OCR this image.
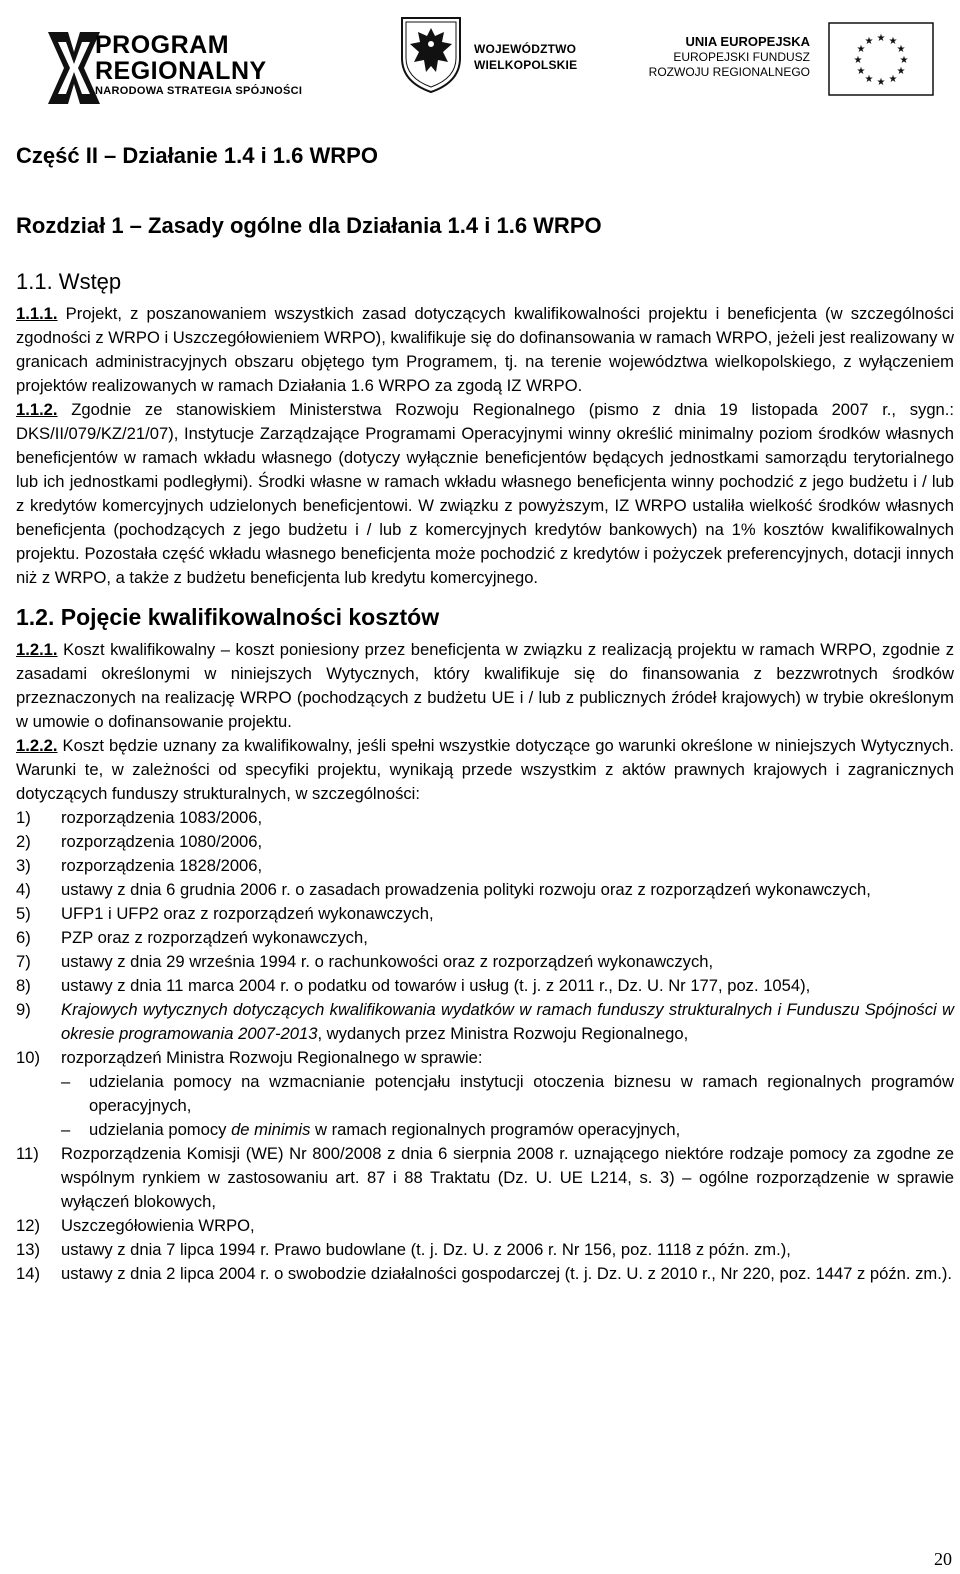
PROGRAM
REGIONALNY
NARODOWA STRATEGIA SPÓJNOŚCI
WOJEWÓDZTWO
WIELKOPOLSKIE
UNIA EUROPEJSKA
EUROPEJSKI FUNDUSZ
ROZWOJU REGIONALNEGO
★ ★
★
★
★
★
★
★
★
★
★
★
Część II – Działanie 1.4 i 1.6 WRPO
Rozdział 1 – Zasady ogólne dla Działania 1.4 i 1.6 WRPO
1.1. Wstęp

1.1.1. Projekt, z poszanowaniem wszystkich zasad dotyczących kwalifikowalności projektu i beneficjenta (w szczególności zgodności z WRPO i Uszczegółowieniem WRPO), kwalifikuje się do dofinansowania w ramach WRPO, jeżeli jest realizowany w granicach administracyjnych obszaru objętego tym Programem, tj. na terenie województwa wielkopolskiego, z wyłączeniem projektów realizowanych w ramach Działania 1.6 WRPO za zgodą IZ WRPO.

1.1.2. Zgodnie ze stanowiskiem Ministerstwa Rozwoju Regionalnego (pismo z dnia 19 listopada 2007 r., sygn.: DKS/II/079/KZ/21/07), Instytucje Zarządzające Programami Operacyjnymi winny określić minimalny poziom środków własnych beneficjentów w ramach wkładu własnego (dotyczy wyłącznie beneficjentów będących jednostkami samorządu terytorialnego lub ich jednostkami podległymi). Środki własne w ramach wkładu własnego beneficjenta winny pochodzić z jego budżetu i / lub z kredytów komercyjnych udzielonych beneficjentowi. W związku z powyższym, IZ WRPO ustaliła wielkość środków własnych beneficjenta (pochodzących z jego budżetu i / lub z komercyjnych kredytów bankowych) na 1% kosztów kwalifikowalnych projektu. Pozostała część wkładu własnego beneficjenta może pochodzić z kredytów i pożyczek preferencyjnych, dotacji innych niż z WRPO, a także z budżetu beneficjenta lub kredytu komercyjnego.

1.2. Pojęcie kwalifikowalności kosztów

1.2.1. Koszt kwalifikowalny – koszt poniesiony przez beneficjenta w związku z realizacją projektu w ramach WRPO, zgodnie z zasadami określonymi w niniejszych Wytycznych, który kwalifikuje się do finansowania z bezzwrotnych środków przeznaczonych na realizację WRPO (pochodzących z budżetu UE i / lub z publicznych źródeł krajowych) w trybie określonym w umowie o dofinansowanie projektu.

1.2.2. Koszt będzie uznany za kwalifikowalny, jeśli spełni wszystkie dotyczące go warunki określone w niniejszych Wytycznych. Warunki te, w zależności od specyfiki projektu, wynikają przede wszystkim z aktów prawnych krajowych i zagranicznych dotyczących funduszy strukturalnych, w szczególności:

1) rozporządzenia 1083/2006,
2) rozporządzenia 1080/2006,
3) rozporządzenia 1828/2006,
4) ustawy z dnia 6 grudnia 2006 r. o zasadach prowadzenia polityki rozwoju oraz z rozporządzeń wykonawczych,
5) UFP1 i UFP2 oraz z rozporządzeń wykonawczych,
6) PZP oraz z rozporządzeń wykonawczych,
7) ustawy z dnia 29 września 1994 r. o rachunkowości oraz z rozporządzeń wykonawczych,
8) ustawy z dnia 11 marca 2004 r. o podatku od towarów i usług (t. j. z 2011 r., Dz. U. Nr 177, poz. 1054),
9) Krajowych wytycznych dotyczących kwalifikowania wydatków w ramach funduszy strukturalnych i Funduszu Spójności w okresie programowania 2007-2013, wydanych przez Ministra Rozwoju Regionalnego,
10) rozporządzeń Ministra Rozwoju Regionalnego w sprawie:
– udzielania pomocy na wzmacnianie potencjału instytucji otoczenia biznesu w ramach regionalnych programów operacyjnych,
– udzielania pomocy de minimis w ramach regionalnych programów operacyjnych,
11) Rozporządzenia Komisji (WE) Nr 800/2008 z dnia 6 sierpnia 2008 r. uznającego niektóre rodzaje pomocy za zgodne ze wspólnym rynkiem w zastosowaniu art. 87 i 88 Traktatu (Dz. U. UE L214, s. 3) – ogólne rozporządzenie w sprawie wyłączeń blokowych,
12) Uszczegółowienia WRPO,
13) ustawy z dnia 7 lipca 1994 r. Prawo budowlane (t. j. Dz. U. z 2006 r. Nr 156, poz. 1118 z późn. zm.),
14) ustawy z dnia 2 lipca 2004 r. o swobodzie działalności gospodarczej (t. j. Dz. U. z 2010 r., Nr 220, poz. 1447 z późn. zm.).
20
